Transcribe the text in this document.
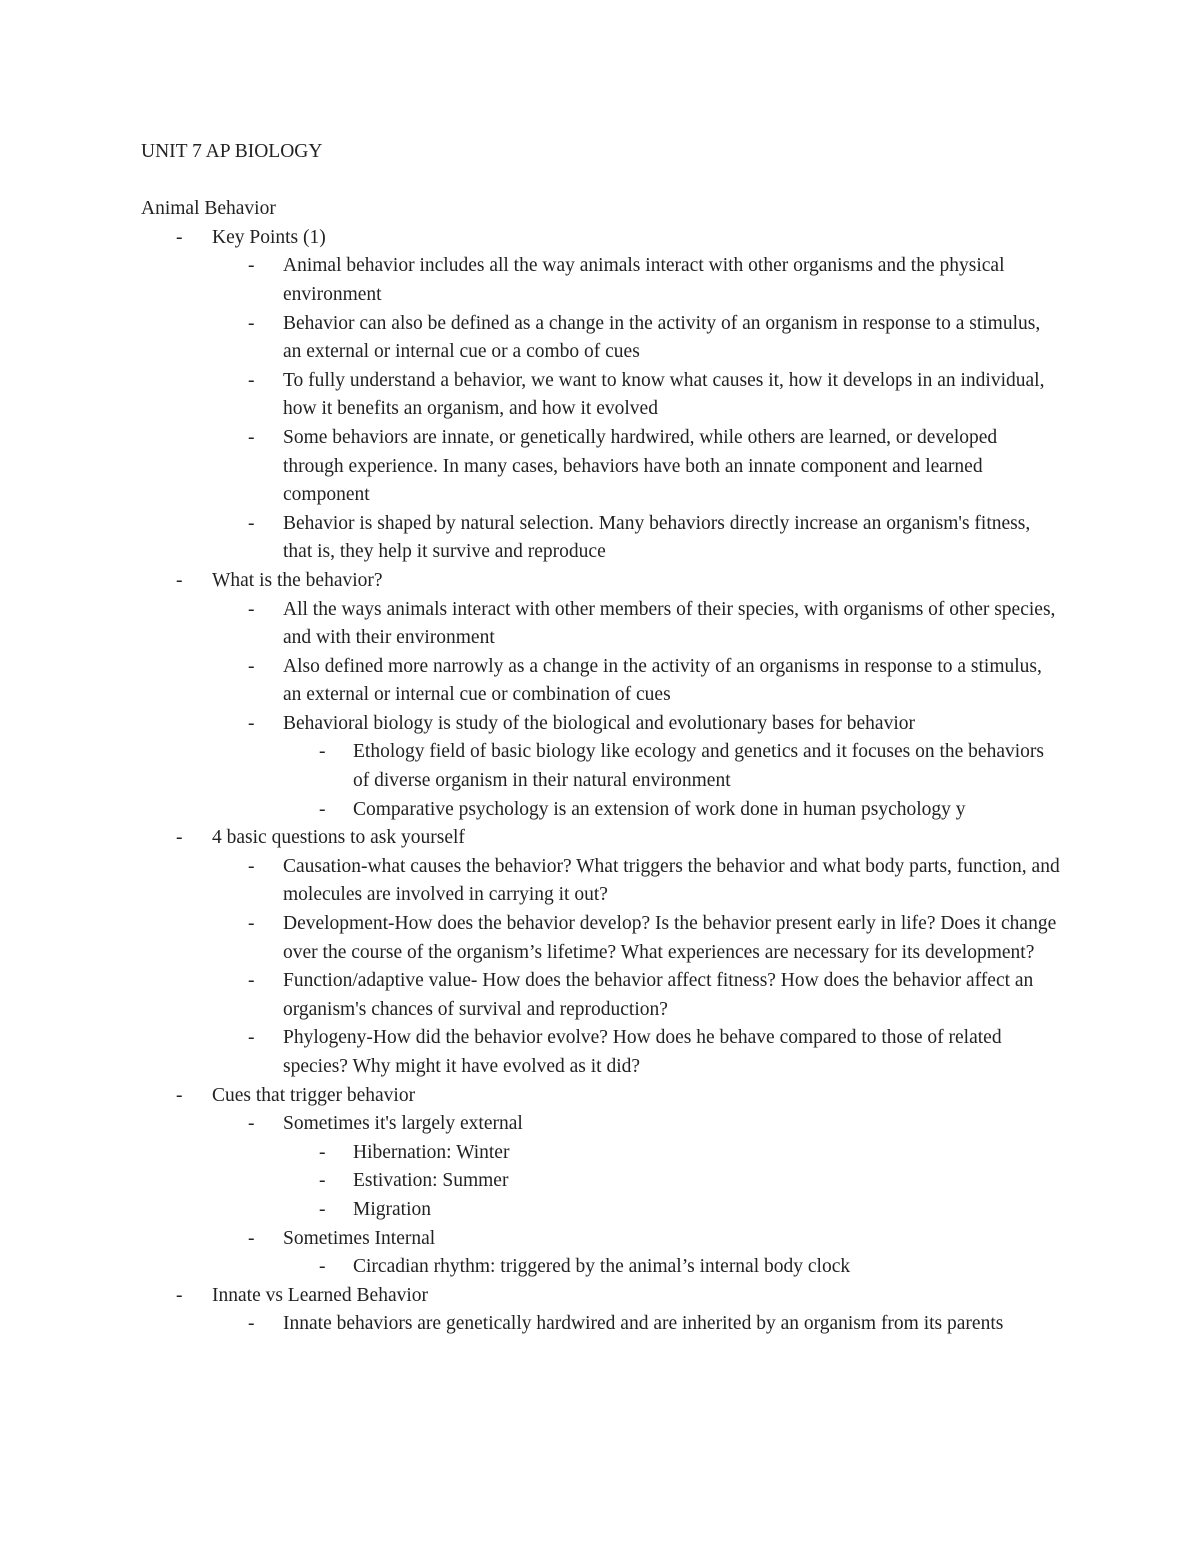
UNIT 7 AP BIOLOGY
Animal Behavior
- Key Points (1)
- Animal behavior includes all the way animals interact with other organisms and the physical environment
- Behavior can also be defined as a change in the activity of an organism in response to a stimulus, an external or internal cue or a combo of cues
- To fully understand a behavior, we want to know what causes it, how it develops in an individual, how it benefits an organism, and how it evolved
- Some behaviors are innate, or genetically hardwired, while others are learned, or developed through experience. In many cases, behaviors have both an innate component and learned component
- Behavior is shaped by natural selection. Many behaviors directly increase an organism's fitness, that is, they help it survive and reproduce
- What is the behavior?
- All the ways animals interact with other members of their species, with organisms of other species, and with their environment
- Also defined more narrowly as a change in the activity of an organisms in response to a stimulus, an external or internal cue or combination of cues
- Behavioral biology is study of the biological and evolutionary bases for behavior
- Ethology field of basic biology like ecology and genetics and it focuses on the behaviors of diverse organism in their natural environment
- Comparative psychology is an extension of work done in human psychology y
- 4 basic questions to ask yourself
- Causation-what causes the behavior? What triggers the behavior and what body parts, function, and molecules are involved in carrying it out?
- Development-How does the behavior develop? Is the behavior present early in life? Does it change over the course of the organism’s lifetime? What experiences are necessary for its development?
- Function/adaptive value- How does the behavior affect fitness? How does the behavior affect an organism's chances of survival and reproduction?
- Phylogeny-How did the behavior evolve? How does he behave compared to those of related species? Why might it have evolved as it did?
- Cues that trigger behavior
- Sometimes it's largely external
- Hibernation: Winter
- Estivation: Summer
- Migration
- Sometimes Internal
- Circadian rhythm: triggered by the animal’s internal body clock
- Innate vs Learned Behavior
- Innate behaviors are genetically hardwired and are inherited by an organism from its parents
